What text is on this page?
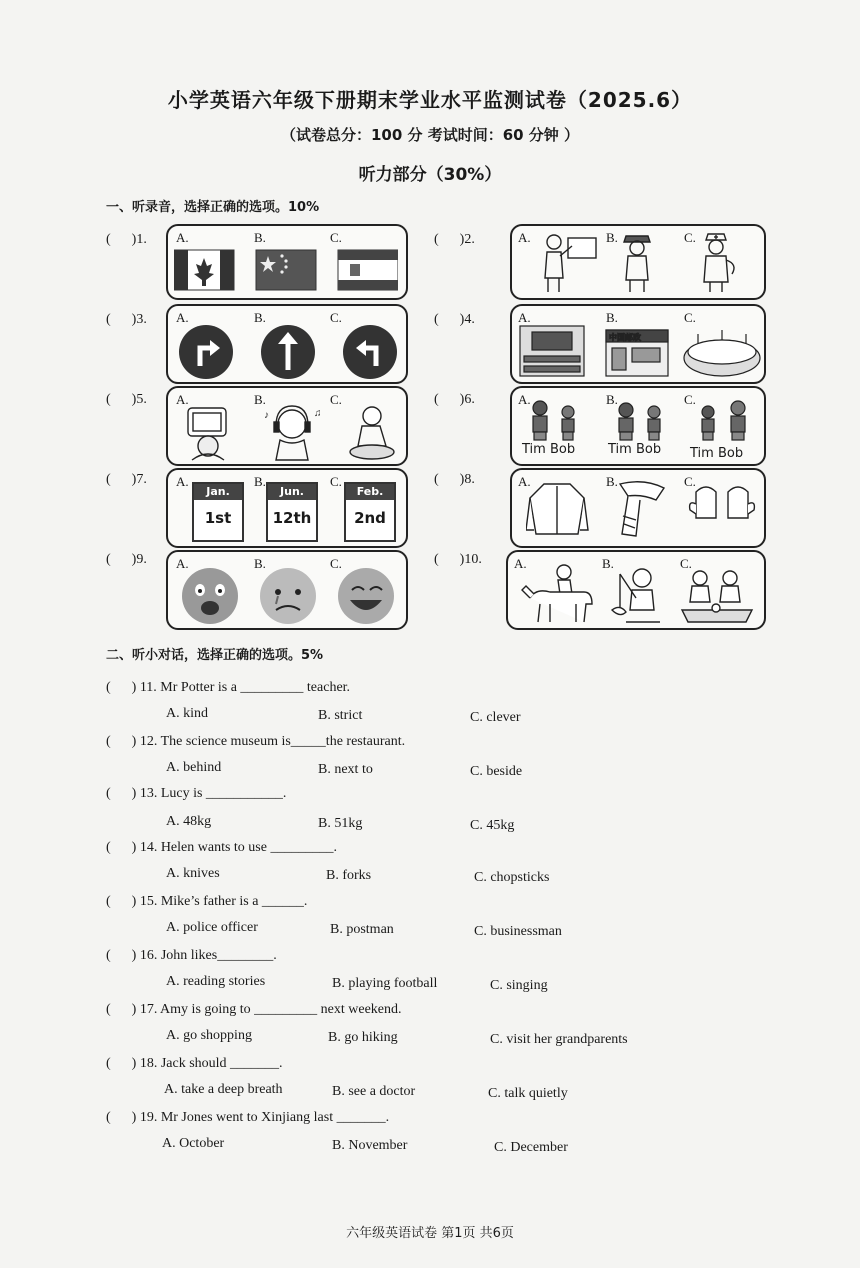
小学英语六年级下册期末学业水平监测试卷（2025.6）
（试卷总分：100 分 考试时间：60 分钟 ）
听力部分（30%）
一、听录音，选择正确的选项。10%
(      )1. A.	B.	C.	(      )2.	A.	B.	C.
(      )3. A.	B.	C.	(      )4.	A.	B.	C.
中国邮政
(      )5. A.	B.	C.
♪	♫
(      )6.	A.	B.	C.
Tim Bob	Tim Bob Tim Bob
(      )7. A.	B.	C.
Jan.
1st
Jun.
12th
Feb.
2nd
(      )8.	A.	B.	C.
(      )9. A.	B.	C.	(      )10. A.	B.	C.
二、听小对话，选择正确的选项。5%
(      ) 11. Mr Potter is a _________ teacher.
A. kind	B. strict	C. clever
(      ) 12. The science museum is_____the restaurant.
A. behind	B. next to	C. beside
(      ) 13. Lucy is ___________.
A. 48kg	B. 51kg	C. 45kg
(      ) 14. Helen wants to use _________.
A. knives	B. forks	C. chopsticks
(      ) 15. Mike’s father is a ______.
A. police officer	B. postman	C. businessman
(      ) 16. John likes________.
A. reading stories	B. playing football	C. singing
(      ) 17. Amy is going to _________ next weekend.
A. go shopping	B. go hiking	C. visit her grandparents
(      ) 18. Jack should _______.
A. take a deep breath	B. see a doctor	C. talk quietly
(      ) 19. Mr Jones went to Xinjiang last _______.
A. October	B. November	C. December
六年级英语试卷 第1页 共6页
